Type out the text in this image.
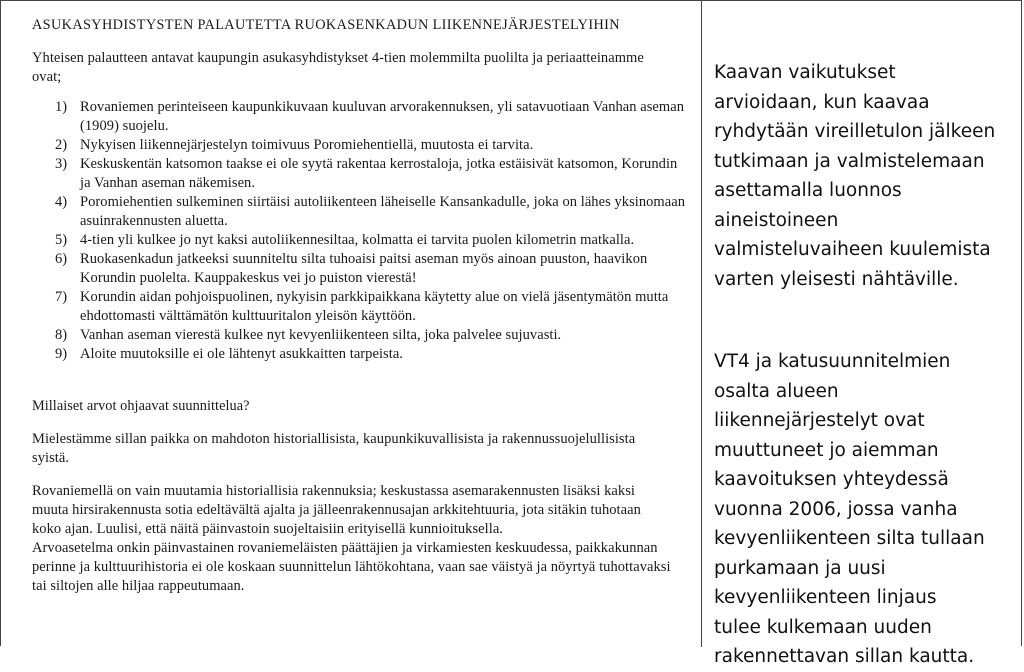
ASUKASYHDISTYSTEN PALAUTETTA RUOKASENKADUN LIIKENNEJÄRJESTELYIHIN

Yhteisen palautteen antavat kaupungin asukasyhdistykset 4-tien molemmilta puolilta ja periaatteinamme ovat;

1) Rovaniemen perinteiseen kaupunkikuvaan kuuluvan arvorakennuksen, yli satavuotiaan Vanhan aseman (1909) suojelu.
2) Nykyisen liikennejärjestelyn toimivuus Poromiehentiellä, muutosta ei tarvita.
3) Keskuskentän katsomon taakse ei ole syytä rakentaa kerrostaloja, jotka estäisivät katsomon, Korundin ja Vanhan aseman näkemisen.
4) Poromiehentien sulkeminen siirtäisi autoliikenteen läheiselle Kansankadulle, joka on lähes yksinomaan asuinrakennusten aluetta.
5) 4-tien yli kulkee jo nyt kaksi autoliikennesiltaa, kolmatta ei tarvita puolen kilometrin matkalla.
6) Ruokasenkadun jatkeeksi suunniteltu silta tuhoaisi paitsi aseman myös ainoan puuston, haavikon Korundin puolelta. Kauppakeskus vei jo puiston vierestä!
7) Korundin aidan pohjoispuolinen, nykyisin parkkipaikkana käytetty alue on vielä jäsentymätön mutta ehdottomasti välttämätön kulttuuritalon yleisön käyttöön.
8) Vanhan aseman vierestä kulkee nyt kevyenliikenteen silta, joka palvelee sujuvasti.
9) Aloite muutoksille ei ole lähtenyt asukkaitten tarpeista.

Millaiset arvot ohjaavat suunnittelua?

Mielestämme sillan paikka on mahdoton historiallisista, kaupunkikuvallisista ja rakennussuojelullisista syistä.

Rovaniemellä on vain muutamia historiallisia rakennuksia; keskustassa asemarakennusten lisäksi kaksi muuta hirsirakennusta sotia edeltävältä ajalta ja jälleenrakennusajan arkkitehtuuria, jota sitäkin tuhotaan koko ajan. Luulisi, että näitä päinvastoin suojeltaisiin erityisellä kunnioituksella.

Arvoasetelma onkin päinvastainen rovaniemeläisten päättäjien ja virkamiesten keskuudessa, paikkakunnan perinne ja kulttuurihistoria ei ole koskaan suunnittelun lähtökohtana, vaan sae väistyä ja nöyrtyä tuhottavaksi tai siltojen alle hiljaa rappeutumaan.

Kaavan vaikutukset arvioidaan, kun kaavaa ryhdytään vireilletulon jälkeen tutkimaan ja valmistelemaan asettamalla luonnos aineistoineen valmisteluvaiheen kuulemista varten yleisesti nähtäville.

VT4 ja katusuunnitelmien osalta alueen liikennejärjestelyt ovat muuttuneet jo aiemman kaavoituksen yhteydessä vuonna 2006, jossa vanha kevyenliikenteen silta tullaan purkamaan ja uusi kevyenliikenteen linjaus tulee kulkemaan uuden rakennettavan sillan kautta.
